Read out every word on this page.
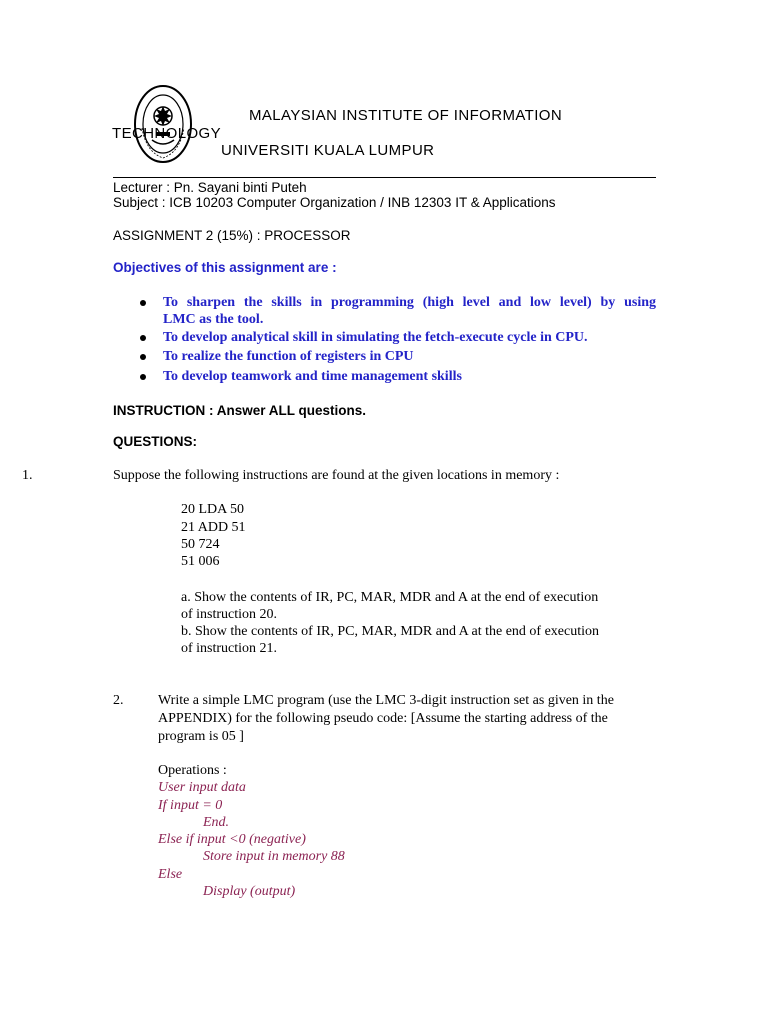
MALAYSIAN INSTITUTE OF INFORMATION
TECHNOLOGY
UNIVERSITI KUALA LUMPUR
Lecturer : Pn. Sayani binti Puteh
Subject : ICB 10203 Computer Organization / INB 12303 IT & Applications
ASSIGNMENT 2 (15%) : PROCESSOR
Objectives of this assignment are :
To sharpen the skills in programming (high level and low level) by using
LMC as the tool.
To develop analytical skill in simulating the fetch-execute cycle in CPU.
To realize the function of registers in CPU
To develop teamwork and time management skills
INSTRUCTION : Answer ALL questions.
QUESTIONS:
1.	Suppose the following instructions are found at the given locations in memory :
20 LDA 50
21 ADD 51
50 724
51 006
a. Show the contents of IR, PC, MAR, MDR and A at the end of execution
of instruction 20.
b. Show the contents of IR, PC, MAR, MDR and A at the end of execution
of instruction 21.
2. Write a simple LMC program (use the LMC 3-digit instruction set as given in the
APPENDIX) for the following pseudo code: [Assume the starting address of the
program is 05 ]
Operations :
User input data
If input = 0
End.
Else if input <0 (negative)
Store input in memory 88
Else
Display (output)
